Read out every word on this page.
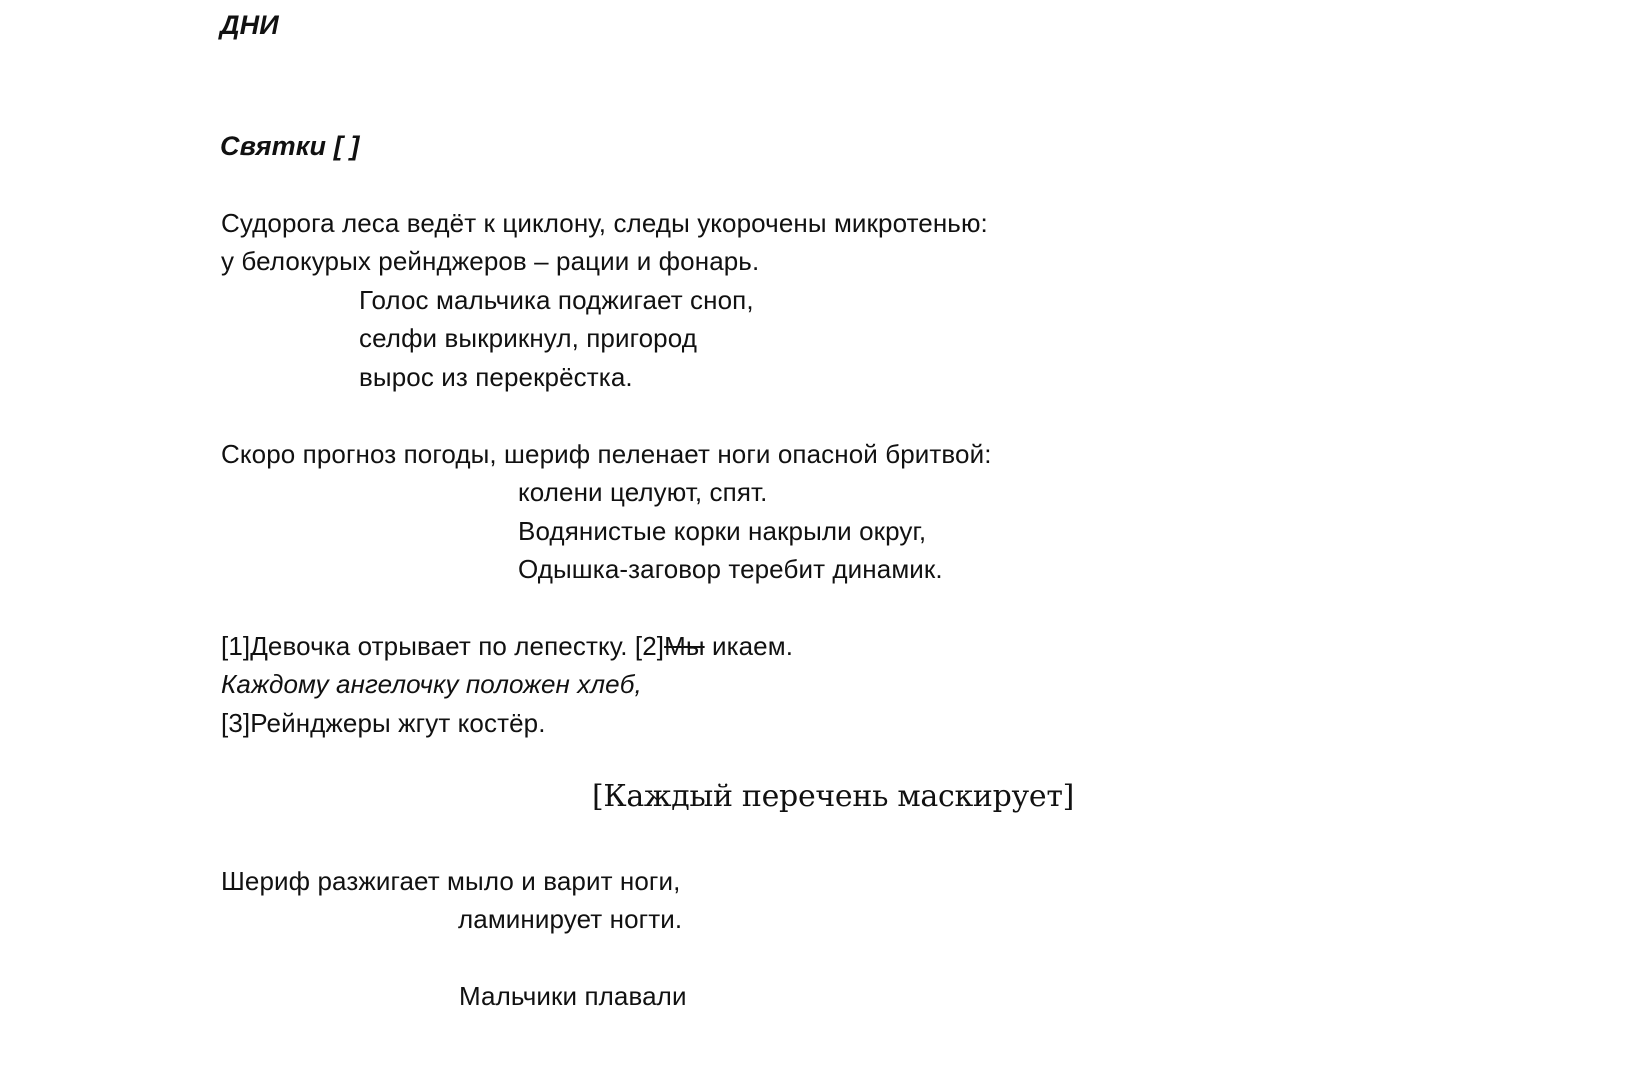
ДНИ
Святки [ ]
Судорога леса ведёт к циклону, следы укорочены микротенью:
у белокурых рейнджеров – рации и фонарь.
Голос мальчика поджигает сноп,
селфи выкрикнул, пригород
вырос из перекрёстка.
Скоро прогноз погоды, шериф пеленает ноги опасной бритвой:
колени целуют, спят.
Водянистые корки накрыли округ,
Одышка-заговор теребит динамик.
[1]Девочка отрывает по лепестку. [2]Мы икаем.
Каждому ангелочку положен хлеб,
[3]Рейнджеры жгут костёр.
[Каждый перечень маскирует]
Шериф разжигает мыло и варит ноги,
ламинирует ногти.
Мальчики плавали
